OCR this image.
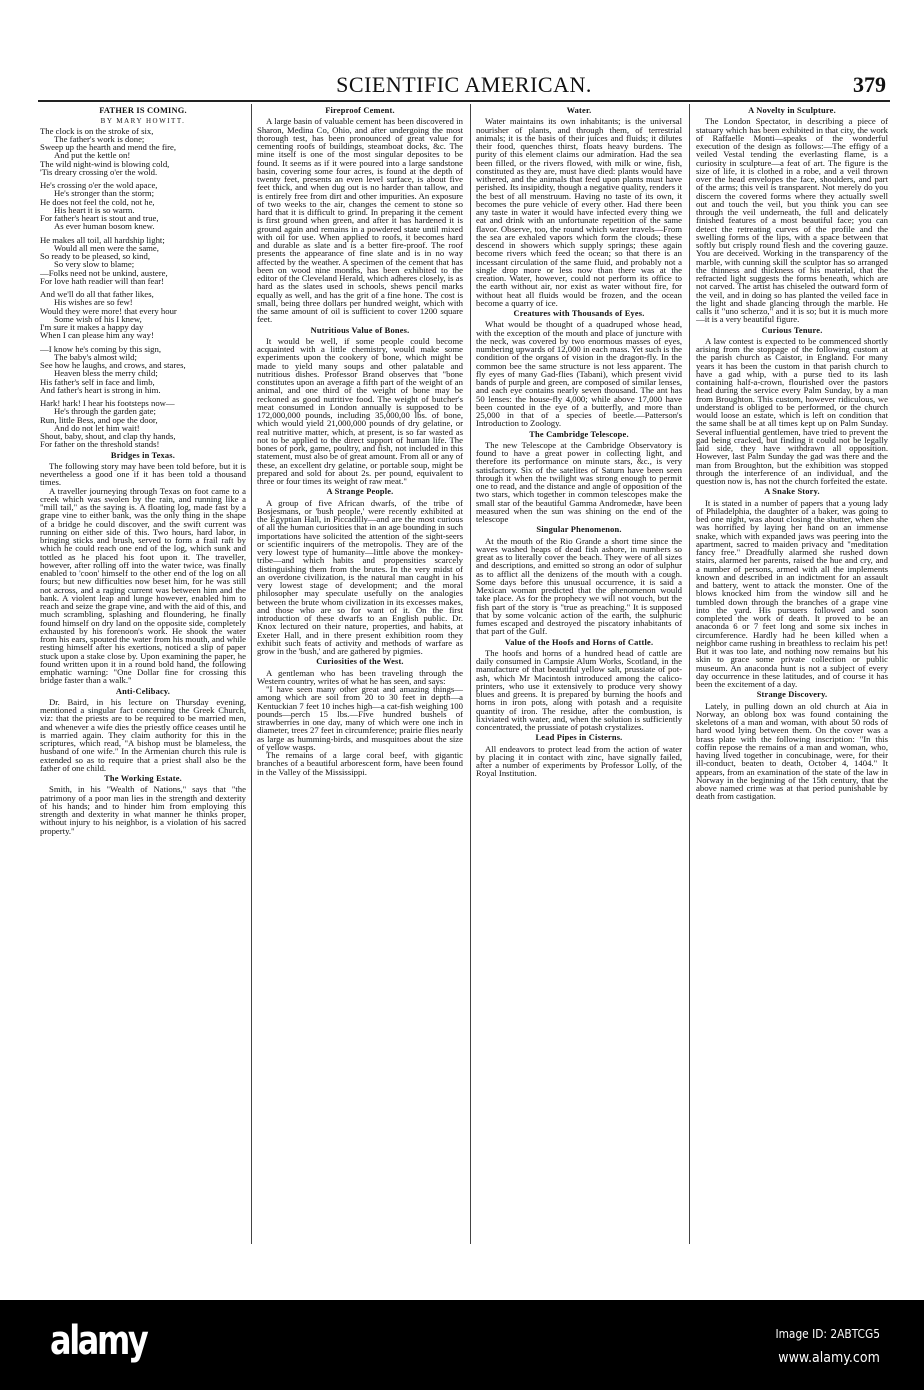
SCIENTIFIC AMERICAN.	379
FATHER IS COMING.
BY MARY HOWITT.
The clock is on the stroke of six,
The father's work is done;
Sweep up the hearth and mend the fire,
And put the kettle on!
The wild night-wind is blowing cold,
'Tis dreary crossing o'er the wold.
He's crossing o'er the wold apace,
He's stronger than the storm;
He does not feel the cold, not he,
His heart it is so warm.
For father's heart is stout and true,
As ever human bosom knew.
He makes all toil, all hardship light;
Would all men were the same,
So ready to be pleased, so kind,
So very slow to blame;
—Folks need not be unkind, austere,
For love hath readier will than fear!
And we'll do all that father likes,
His wishes are so few!
Would they were more! that every hour
Some wish of his I knew,
I'm sure it makes a happy day
When I can please him any way!
—I know he's coming by this sign,
The baby's almost wild;
See how he laughs, and crows, and stares,
Heaven bless the merry child;
His father's self in face and limb,
And father's heart is strong in him.
Hark! hark! I hear his footsteps now—
He's through the garden gate;
Run, little Bess, and ope the door,
And do not let him wait!
Shout, baby, shout, and clap thy hands,
For father on the threshold stands!
Bridges in Texas.
The following story may have been told before, but it is nevertheless a good one if it has been told a thousand times.
A traveller journeying through Texas on foot came to a creek which was swolen by the rain, and running like a "mill tail," as the saying is. A floating log, made fast by a grape vine to either bank, was the only thing in the shape of a bridge he could discover, and the swift current was running on either side of this. Two hours, hard labor, in bringing sticks and brush, served to form a frail raft by which he could reach one end of the log, which sunk and tottled as he placed his foot upon it. The traveller, however, after rolling off into the water twice, was finally enabled to 'coon' himself to the other end of the log on all fours; but new difficulties now beset him, for he was still not across, and a raging current was between him and the bank. A violent leap and lunge however, enabled him to reach and seize the grape vine, and with the aid of this, and much scrambling, splashing and floundering, he finally found himself on dry land on the opposite side, completely exhausted by his forenoon's work. He shook the water from his ears, spouted the water from his mouth, and while resting himself after his exertions, noticed a slip of paper stuck upon a stake close by. Upon examining the paper, he found written upon it in a round bold hand, the following emphatic warning: "One Dollar fine for crossing this bridge faster than a walk."
Anti-Celibacy.
Dr. Baird, in his lecture on Thursday evening, mentioned a singular fact concerning the Greek Church, viz: that the priests are to be required to be married men, and whenever a wife dies the priestly office ceases until he is married again. They claim authority for this in the scriptures, which read, "A bishop must be blameless, the husband of one wife." In the Armenian church this rule is extended so as to require that a priest shall also be the father of one child.
The Working Estate.
Smith, in his "Wealth of Nations," says that "the patrimony of a poor man lies in the strength and dexterity of his hands; and to hinder him from employing this strength and dexterity in what manner he thinks proper, without injury to his neighbor, is a violation of his sacred property."
Fireproof Cement.
A large basin of valuable cement has been discovered in Sharon, Medina Co, Ohio, and after undergoing the most thorough test, has been pronounced of great value for cementing roofs of buildings, steamboat docks, &c. The mine itself is one of the most singular deposites to be found. It seems as if it were poured into a large sandstone basin, covering some four acres, is found at the depth of twenty feet, presents an even level surface, is about five feet thick, and when dug out is no harder than tallow, and is entirely free from dirt and other impurities. An exposure of two weeks to the air, changes the cement to stone so hard that it is difficult to grind. In preparing it the cement is first ground when green, and after it has hardened it is ground again and remains in a powdered state until mixed with oil for use. When applied to roofs, it becomes hard and durable as slate and is a better fire-proof. The roof presents the appearance of fine slate and is in no way affected by the weather. A specimen of the cement that has been on wood nine months, has been exhibited to the editor of the Cleveland Herald, which adheres closely, is as hard as the slates used in schools, shews pencil marks equally as well, and has the grit of a fine hone. The cost is small, being three dollars per hundred weight, which with the same amount of oil is sufficient to cover 1200 square feet.
Nutritious Value of Bones.
It would be well, if some people could become acquainted with a little chemistry, would make some experiments upon the cookery of bone, which might be made to yield many soups and other palatable and nutritious dishes. Professor Brand observes that "bone constitutes upon an average a fifth part of the weight of an animal, and one third of the weight of bone may be reckoned as good nutritive food. The weight of butcher's meat consumed in London annually is supposed to be 172,000,000 pounds, including 35,000,00 lbs. of bone, which would yield 21,000,000 pounds of dry gelatine, or real nutritive matter, which, at present, is so far wasted as not to be applied to the direct support of human life. The bones of pork, game, poultry, and fish, not included in this statement, must also be of great amount. From all or any of these, an excellent dry gelatine, or portable soup, might be prepared and sold for about 2s. per pound, equivalent to three or four times its weight of raw meat."
A Strange People.
A group of five African dwarfs, of the tribe of Bosjesmans, or 'bush people,' were recently exhibited at the Egyptian Hall, in Piccadilly—and are the most curious of all the human curiosities that in an age bounding in such importations have solicited the attention of the sight-seers or scientific inquirers of the metropolis. They are of the very lowest type of humanity—little above the monkey-tribe—and which habits and propensities scarcely distinguishing them from the brutes. In the very midst of an overdone civilization, is the natural man caught in his very lowest stage of development; and the moral philosopher may speculate usefully on the analogies between the brute whom civilization in its excesses makes, and those who are so for want of it. On the first introduction of these dwarfs to an English public. Dr. Knox lectured on their nature, properties, and habits, at Exeter Hall, and in there present exhibition room they exhibit such feats of activity and methods of warfare as grow in the 'bush,' and are gathered by pigmies.
Curiosities of the West.
A gentleman who has been traveling through the Western country, writes of what he has seen, and says:
"I have seen many other great and amazing things—among which are soil from 20 to 30 feet in depth—a Kentuckian 7 feet 10 inches high—a cat-fish weighing 100 pounds—perch 15 lbs.—Five hundred bushels of strawberries in one day, many of which were one inch in diameter, trees 27 feet in circumference; prairie flies nearly as large as humming-birds, and musquitoes about the size of yellow wasps.
The remains of a large coral beef, with gigantic branches of a beautiful arborescent form, have been found in the Valley of the Mississippi.
Water.
Water maintains its own inhabitants; is the universal nourisher of plants, and through them, of terrestrial animals; it is the basis of their juices and fluids; it dilutes their food, quenches thirst, floats heavy burdens. The purity of this element claims our admiration. Had the sea been filled, or the rivers flowed, with milk or wine, fish, constituted as they are, must have died: plants would have withered, and the animals that feed upon plants must have perished. Its insipidity, though a negative quality, renders it the best of all menstruum. Having no taste of its own, it becomes the pure vehicle of every other. Had there been any taste in water it would have infected every thing we eat and drink with an unfortunate repetition of the same flavor. Observe, too, the round which water travels—From the sea are exhaled vapors which form the clouds; these descend in showers which supply springs; these again become rivers which feed the ocean; so that there is an incessant circulation of the same fluid, and probably not a single drop more or less now than there was at the creation. Water, however, could not perform its office to the earth without air, nor exist as water without fire, for without heat all fluids would be frozen, and the ocean become a quarry of ice.
Creatures with Thousands of Eyes.
What would be thought of a quadruped whose head, with the exception of the mouth and place of juncture with the neck, was covered by two enormous masses of eyes, numbering upwards of 12,000 in each mass. Yet such is the condition of the organs of vision in the dragon-fly. In the common bee the same structure is not less apparent. The fly eyes of many Gad-flies (Tabani), which present vivid bands of purple and green, are composed of similar lenses, and each eye contains nearly seven thousand. The ant has 50 lenses: the house-fly 4,000; while above 17,000 have been counted in the eye of a butterfly, and more than 25,000 in that of a species of beetle.—Patterson's Introduction to Zoology.
The Cambridge Telescope.
The new Telescope at the Cambridge Observatory is found to have a great power in collecting light, and therefore its performance on minute stars, &c., is very satisfactory. Six of the satelites of Saturn have been seen through it when the twilight was strong enough to permit one to read, and the distance and angle of opposition of the two stars, which together in common telescopes make the small star of the beautiful Gamma Andromedæ, have been measured when the sun was shining on the end of the telescope
Singular Phenomenon.
At the mouth of the Rio Grande a short time since the waves washed heaps of dead fish ashore, in numbers so great as to literally cover the beach. They were of all sizes and descriptions, and emitted so strong an odor of sulphur as to afflict all the denizens of the mouth with a cough. Some days before this unusual occurrence, it is said a Mexican woman predicted that the phenomenon would take place. As for the prophecy we will not vouch, but the fish part of the story is "true as preaching." It is supposed that by some volcanic action of the earth, the sulphuric fumes escaped and destroyed the piscatory inhabitants of that part of the Gulf.
Value of the Hoofs and Horns of Cattle.
The hoofs and horns of a hundred head of cattle are daily consumed in Campsie Alum Works, Scotland, in the manufacture of that beautiful yellow salt, prussiate of pot-ash, which Mr Macintosh introduced among the calico-printers, who use it extensively to produce very showy blues and greens. It is prepared by burning the hoofs and horns in iron pots, along with potash and a requisite quantity of iron. The residue, after the combustion, is lixiviated with water, and, when the solution is sufficiently concentrated, the prussiate of potash crystalizes.
Lead Pipes in Cisterns.
All endeavors to protect lead from the action of water by placing it in contact with zinc, have signally failed, after a number of experiments by Professor Lolly, of the Royal Institution.
A Novelty in Sculpture.
The London Spectator, in describing a piece of statuary which has been exhibited in that city, the work of Raffaelle Monti—speaks of the wonderful execution of the design as follows:—The effigy of a veiled Vestal tending the everlasting flame, is a curiosity in sculpture—a feat of art. The figure is the size of life, it is clothed in a robe, and a veil thrown over the head envelopes the face, shoulders, and part of the arms; this veil is transparent. Not merely do you discern the covered forms where they actually swell out and touch the veil, but you think you can see through the veil underneath, the full and delicately finished features of a most beautiful face; you can detect the retreating curves of the profile and the swelling forms of the lips, with a space between that softly but crisply round flesh and the covering gauze. You are deceived. Working in the transparency of the marble, with cunning skill the sculptor has so arranged the thinness and thickness of his material, that the refracted light suggests the forms beneath, which are not carved. The artist has chiseled the outward form of the veil, and in doing so has planted the veiled face in the light and shade glancing through the marble. He calls it "uno scherzo," and it is so; but it is much more—it is a very beautiful figure.
Curious Tenure.
A law contest is expected to be commenced shortly arising from the stoppage of the following custom at the parish church as Caistor, in England. For many years it has been the custom in that parish church to have a gad whip, with a purse tied to its lash containing half-a-crown, flourished over the pastors head during the service every Palm Sunday, by a man from Broughton. This custom, however ridiculous, we understand is obliged to be performed, or the church would loose an estate, which is left on condition that the same shall be at all times kept up on Palm Sunday. Several influential gentlemen, have tried to prevent the gad being cracked, but finding it could not be legally laid side, they have withdrawn all opposition. However, last Palm Sunday the gad was there and the man from Broughton, but the exhibition was stopped through the interference of an individual, and the question now is, has not the church forfeited the estate.
A Snake Story.
It is stated in a number of papers that a young lady of Philadelphia, the daughter of a baker, was going to bed one night, was about closing the shutter, when she was horrified by laying her hand on an immense snake, which with expanded jaws was peering into the apartment, sacred to maiden privacy and "meditation fancy free." Dreadfully alarmed she rushed down stairs, alarmed her parents, raised the hue and cry, and a number of persons, armed with all the implements known and described in an indictment for an assault and battery, went to attack the monster. One of the blows knocked him from the window sill and he tumbled down through the branches of a grape vine into the yard. His pursuers followed and soon completed the work of death. It proved to be an anaconda 6 or 7 feet long and some six inches in circumference. Hardly had he been killed when a neighbor came rushing in breathless to reclaim his pet! But it was too late, and nothing now remains but his skin to grace some private collection or public museum. An anaconda hunt is not a subject of every day occurrence in these latitudes, and of course it has been the excitement of a day.
Strange Discovery.
Lately, in pulling down an old church at Aia in Norway, an oblong box was found containing the skeletons of a man and woman, with about 50 rods of hard wood lying between them. On the cover was a brass plate with the following inscription: "In this coffin repose the remains of a man and woman, who, having lived together in concubinage, were, for their ill-conduct, beaten to death, October 4, 1404." It appears, from an examination of the state of the law in Norway in the beginning of the 15th century, that the above named crime was at that period punishable by death from castigation.
alamy	Image ID: 2ABTCG5
www.alamy.com
